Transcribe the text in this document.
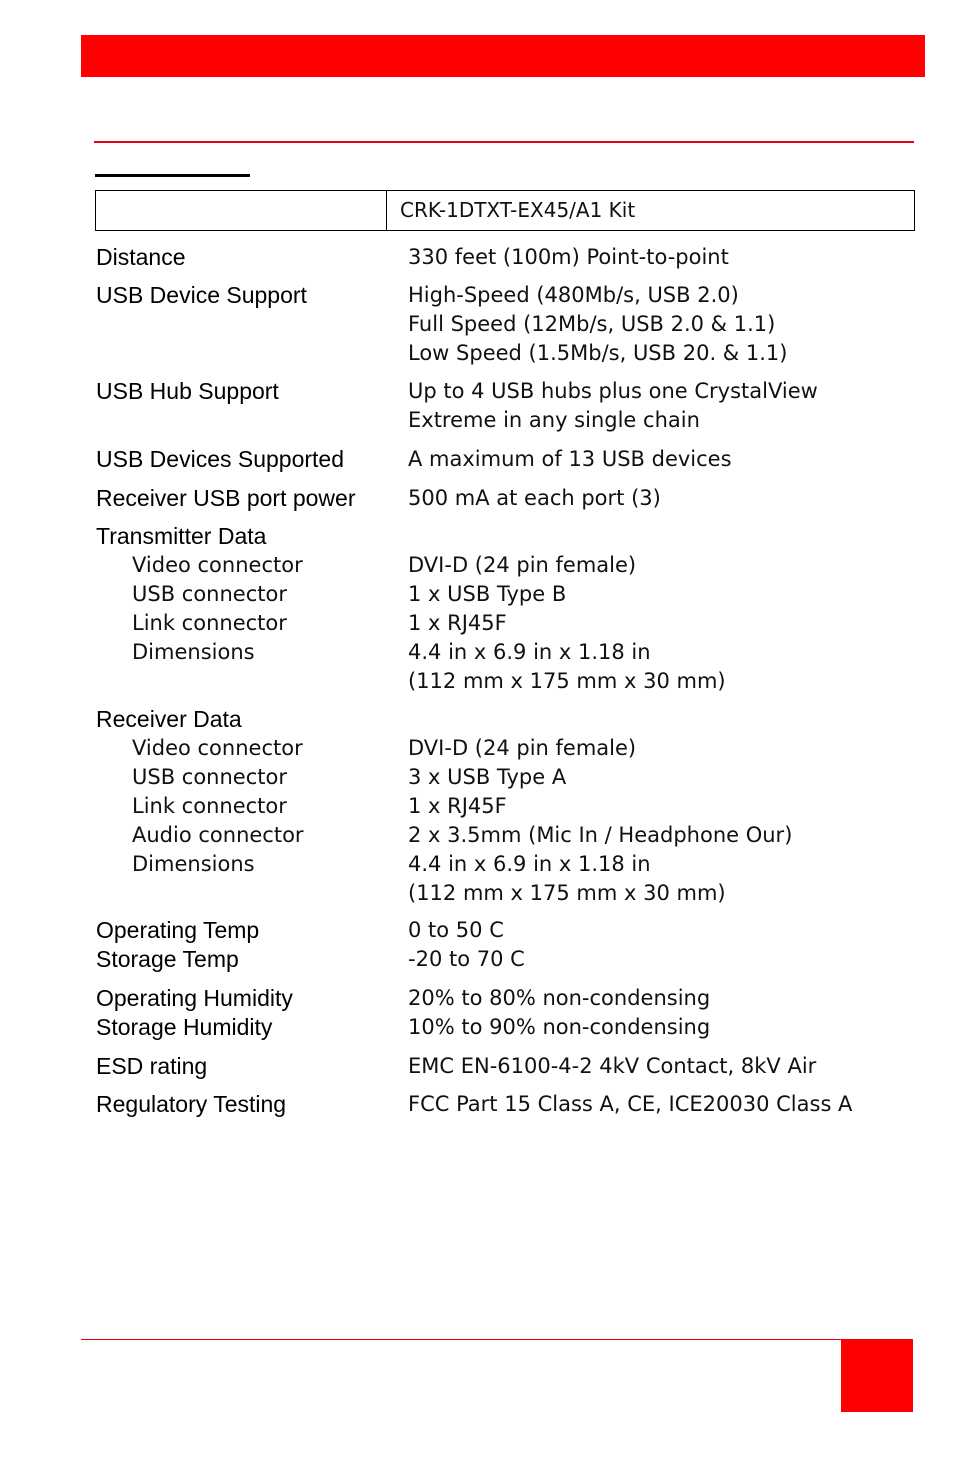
CRK-1DTXT-EX45/A1 Kit
Distance	330 feet (100m) Point-to-point
USB Device Support	High-Speed (480Mb/s, USB 2.0)
Full Speed (12Mb/s, USB 2.0 & 1.1)
Low Speed (1.5Mb/s, USB 20. & 1.1)
USB Hub Support	Up to 4 USB hubs plus one CrystalView
Extreme in any single chain
USB Devices Supported	A maximum of 13 USB devices
Receiver USB port power	500 mA at each port (3)
Transmitter Data
Video connector	DVI-D (24 pin female)
USB connector	1 x USB Type B
Link connector	1 x RJ45F
Dimensions	4.4 in x 6.9 in x 1.18 in
(112 mm x 175 mm x 30 mm)
Receiver Data
Video connector	DVI-D (24 pin female)
USB connector	3 x USB Type A
Link connector	1 x RJ45F
Audio connector	2 x 3.5mm (Mic In / Headphone Our)
Dimensions	4.4 in x 6.9 in x 1.18 in
(112 mm x 175 mm x 30 mm)
Operating Temp	0 to 50 C
Storage Temp	-20 to 70 C
Operating Humidity	20% to 80% non-condensing
Storage Humidity	10% to 90% non-condensing
ESD rating	EMC EN-6100-4-2 4kV Contact, 8kV Air
Regulatory Testing	FCC Part 15 Class A, CE, ICE20030 Class A
